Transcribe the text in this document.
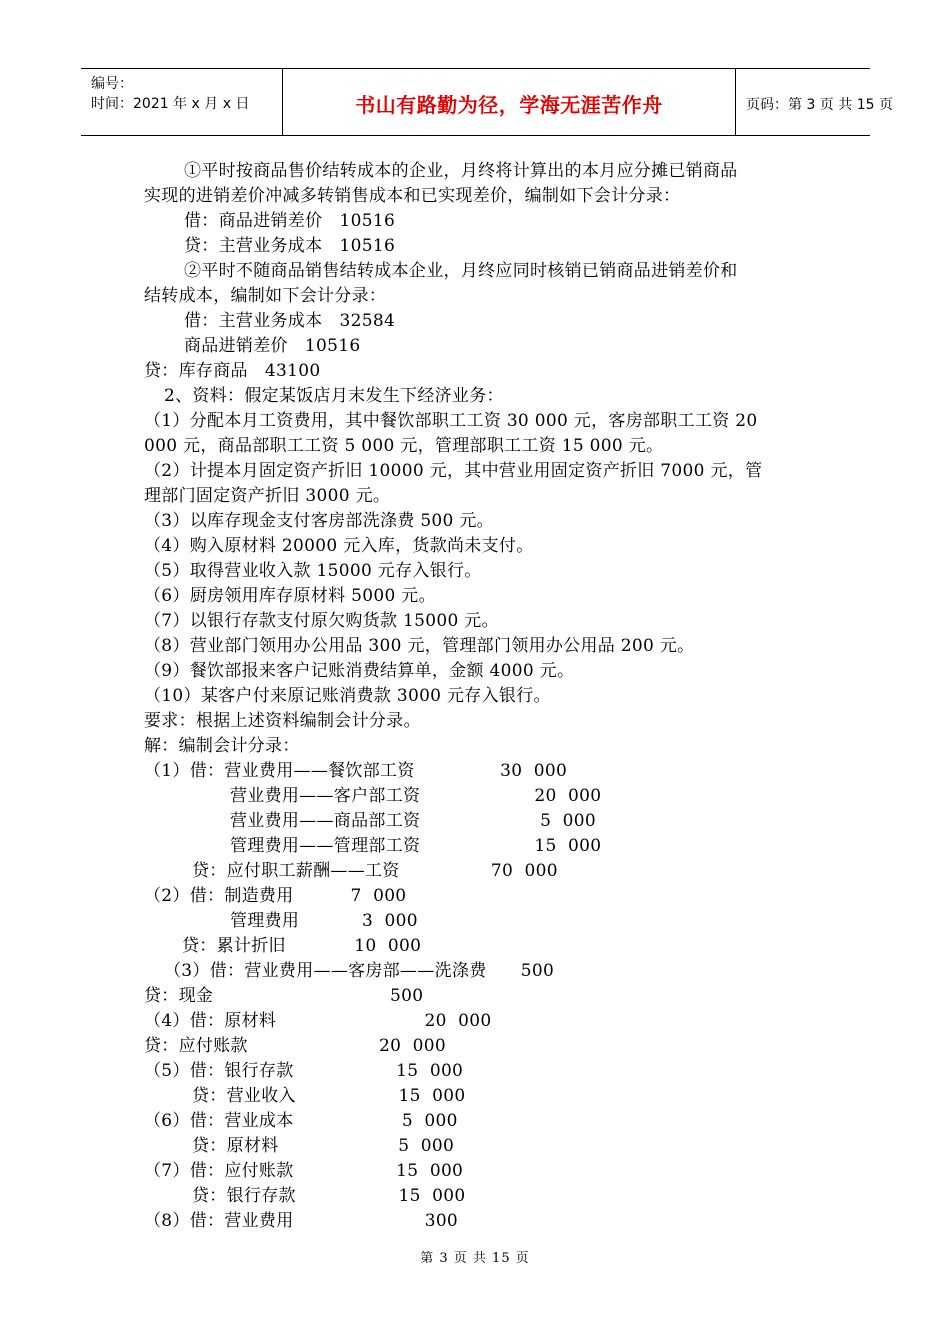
编号：
时间：2021 年 x 月 x 日	书山有路勤为径，学海无涯苦作舟	页码：第 3 页 共 15 页
①平时按商品售价结转成本的企业，月终将计算出的本月应分摊已销商品
实现的进销差价冲减多转销售成本和已实现差价，编制如下会计分录：
借：商品进销差价   10516
贷：主营业务成本   10516
②平时不随商品销售结转成本企业，月终应同时核销已销商品进销差价和
结转成本，编制如下会计分录：
借：主营业务成本   32584
商品进销差价   10516
贷：库存商品   43100
2、资料：假定某饭店月末发生下经济业务：
（1）分配本月工资费用，其中餐饮部职工工资 30 000 元，客房部职工工资 20
000 元，商品部职工工资 5 000 元，管理部职工工资 15 000 元。
（2）计提本月固定资产折旧 10000 元，其中营业用固定资产折旧 7000 元，管
理部门固定资产折旧 3000 元。
（3）以库存现金支付客房部洗涤费 500 元。
（4）购入原材料 20000 元入库，货款尚未支付。
（5）取得营业收入款 15000 元存入银行。
（6）厨房领用库存原材料 5000 元。
（7）以银行存款支付原欠购货款 15000 元。
（8）营业部门领用办公用品 300 元，管理部门领用办公用品 200 元。
（9）餐饮部报来客户记账消费结算单，金额 4000 元。
（10）某客户付来原记账消费款 3000 元存入银行。
要求：根据上述资料编制会计分录。
解：编制会计分录：
（1）借：营业费用——餐饮部工资               30  000
营业费用——客户部工资                    20  000
营业费用——商品部工资                     5  000
管理费用——管理部工资                    15  000
贷：应付职工薪酬——工资                70  000
（2）借：制造费用          7  000
管理费用           3  000
贷：累计折旧            10  000
（3）借：营业费用——客房部——洗涤费      500
贷：现金                               500
（4）借：原材料                          20  000
贷：应付账款                       20  000
（5）借：银行存款                  15  000
贷：营业收入                  15  000
（6）借：营业成本                   5  000
贷：原材料                     5  000
（7）借：应付账款                  15  000
贷：银行存款                  15  000
（8）借：营业费用                       300
第 3 页 共 15 页
